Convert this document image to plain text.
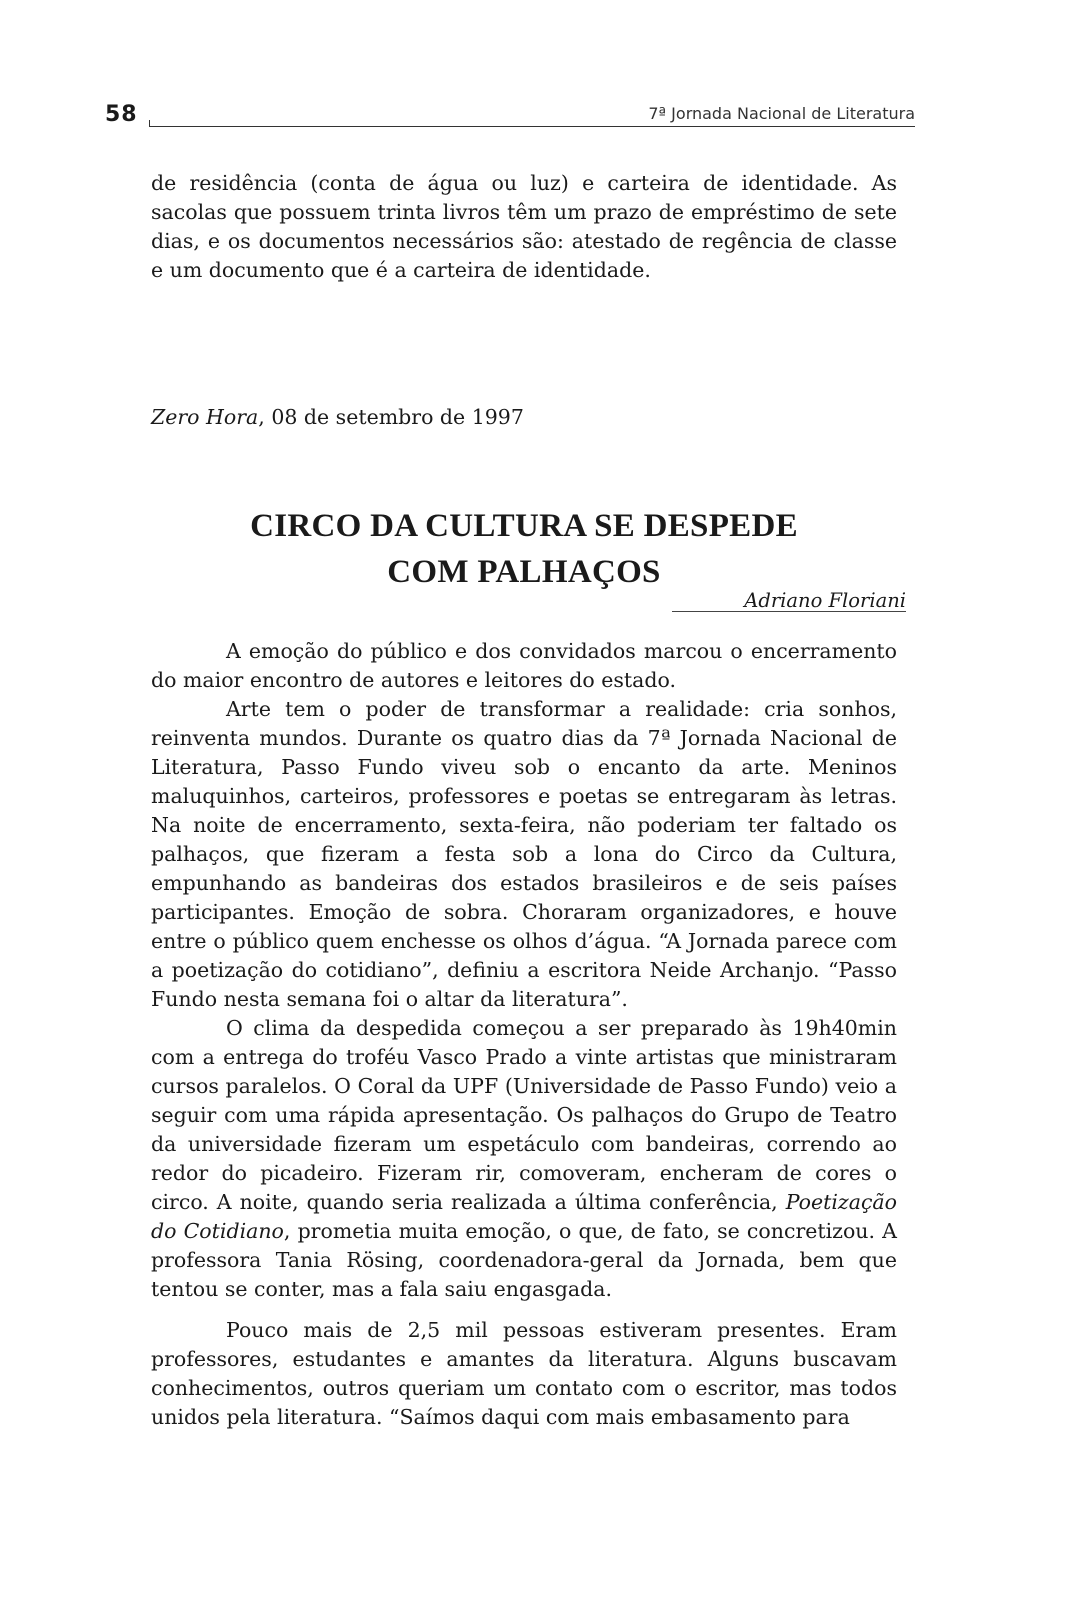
58	7ª Jornada Nacional de Literatura

de residência (conta de água ou luz) e carteira de identidade. As sacolas que possuem trinta livros têm um prazo de empréstimo de sete dias, e os documentos necessários são: atestado de regência de classe e um documento que é a carteira de identidade.

Zero Hora, 08 de setembro de 1997

CIRCO DA CULTURA SE DESPEDE
COM PALHAÇOS

Adriano Floriani

A emoção do público e dos convidados marcou o encerramento do maior encontro de autores e leitores do estado.

Arte tem o poder de transformar a realidade: cria sonhos, reinventa mundos. Durante os quatro dias da 7ª Jornada Nacional de Literatura, Passo Fundo viveu sob o encanto da arte. Meninos maluquinhos, carteiros, professores e poetas se entregaram às letras. Na noite de encerramento, sexta-feira, não poderiam ter faltado os palhaços, que fizeram a festa sob a lona do Circo da Cultura, empunhando as bandeiras dos estados brasileiros e de seis países participantes. Emoção de sobra. Choraram organizadores, e houve entre o público quem enchesse os olhos d’água. “A Jornada parece com a poetização do cotidiano”, definiu a escritora Neide Archanjo. “Passo Fundo nesta semana foi o altar da literatura”.

O clima da despedida começou a ser preparado às 19h40min com a entrega do troféu Vasco Prado a vinte artistas que ministraram cursos paralelos. O Coral da UPF (Universidade de Passo Fundo) veio a seguir com uma rápida apresentação. Os palhaços do Grupo de Teatro da universidade fizeram um espetáculo com bandeiras, correndo ao redor do picadeiro. Fizeram rir, comoveram, encheram de cores o circo. A noite, quando seria realizada a última conferência, Poetização do Cotidiano, prometia muita emoção, o que, de fato, se concretizou. A professora Tania Rösing, coordenadora-geral da Jornada, bem que tentou se conter, mas a fala saiu engasgada.

Pouco mais de 2,5 mil pessoas estiveram presentes. Eram professores, estudantes e amantes da literatura. Alguns buscavam conhecimentos, outros queriam um contato com o escritor, mas todos unidos pela literatura. “Saímos daqui com mais embasamento para
